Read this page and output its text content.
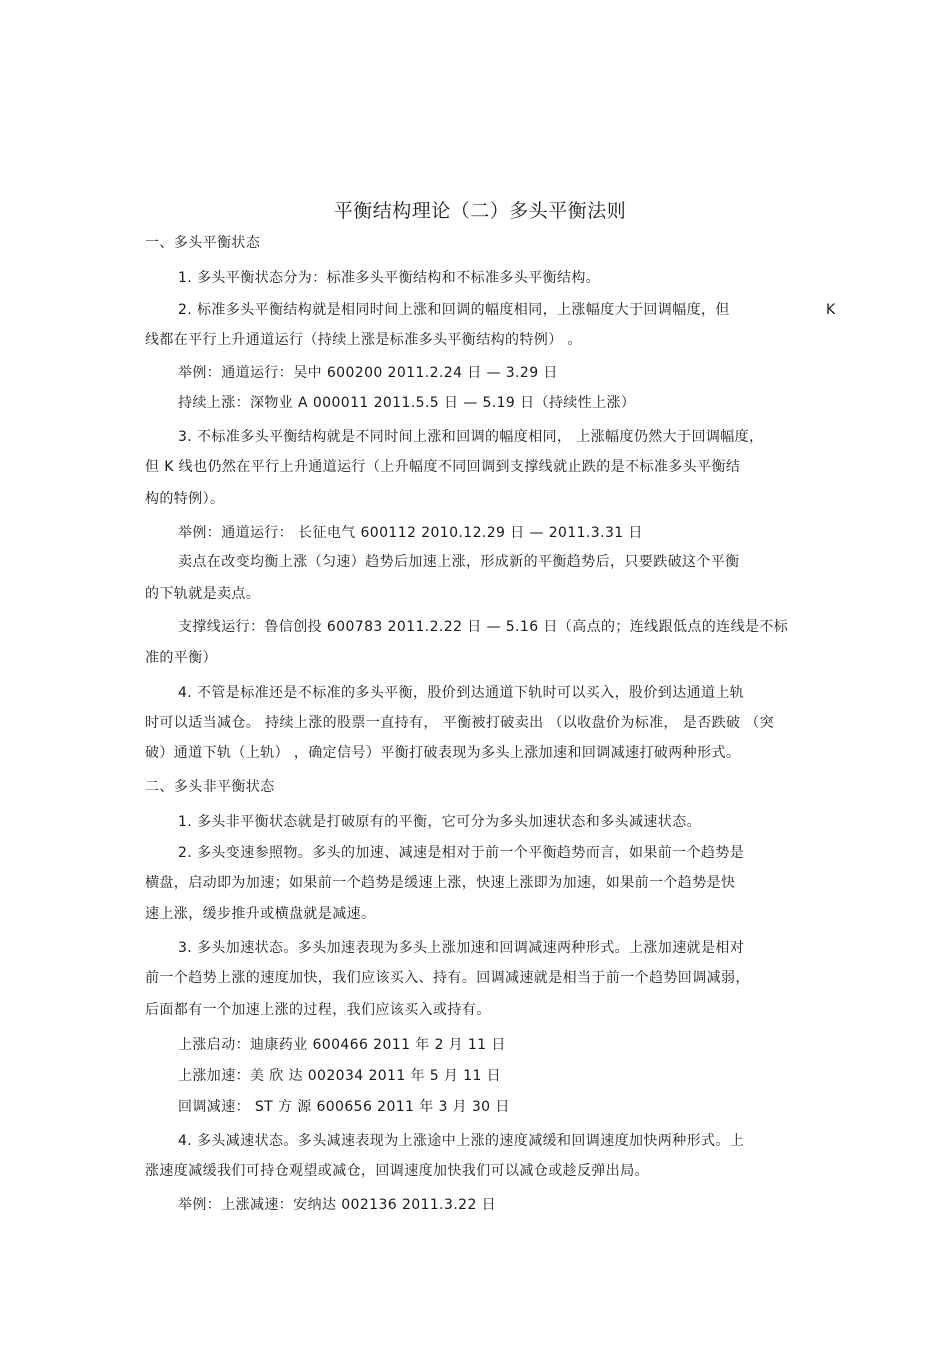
平衡结构理论（二）多头平衡法则
一、多头平衡状态
1. 多头平衡状态分为：标准多头平衡结构和不标准多头平衡结构。
2. 标准多头平衡结构就是相同时间上涨和回调的幅度相同，上涨幅度大于回调幅度，但	K
线都在平行上升通道运行（持续上涨是标准多头平衡结构的特例） 。
举例：通道运行：吴中 600200 2011.2.24 日 — 3.29 日
持续上涨：深物业 A 000011 2011.5.5 日 — 5.19 日（持续性上涨）
3. 不标准多头平衡结构就是不同时间上涨和回调的幅度相同， 上涨幅度仍然大于回调幅度，
但 K 线也仍然在平行上升通道运行（上升幅度不同回调到支撑线就止跌的是不标准多头平衡结
构的特例）。
举例：通道运行： 长征电气 600112 2010.12.29 日 — 2011.3.31 日
卖点在改变均衡上涨（匀速）趋势后加速上涨，形成新的平衡趋势后，只要跌破这个平衡
的下轨就是卖点。
支撑线运行：鲁信创投 600783 2011.2.22 日 — 5.16 日（高点的；连线跟低点的连线是不标
准的平衡）
4. 不管是标准还是不标准的多头平衡，股价到达通道下轨时可以买入，股价到达通道上轨
时可以适当减仓。 持续上涨的股票一直持有， 平衡被打破卖出 （以收盘价为标准， 是否跌破 （突
破）通道下轨（上轨） ，确定信号）平衡打破表现为多头上涨加速和回调减速打破两种形式。
二、多头非平衡状态
1. 多头非平衡状态就是打破原有的平衡，它可分为多头加速状态和多头减速状态。
2. 多头变速参照物。多头的加速、减速是相对于前一个平衡趋势而言，如果前一个趋势是
横盘，启动即为加速；如果前一个趋势是缓速上涨，快速上涨即为加速，如果前一个趋势是快
速上涨，缓步推升或横盘就是减速。
3. 多头加速状态。多头加速表现为多头上涨加速和回调减速两种形式。上涨加速就是相对
前一个趋势上涨的速度加快，我们应该买入、持有。回调减速就是相当于前一个趋势回调减弱，
后面都有一个加速上涨的过程，我们应该买入或持有。
上涨启动：迪康药业 600466 2011 年 2 月 11 日
上涨加速：美 欣 达 002034 2011 年 5 月 11 日
回调减速： ST 方 源 600656 2011 年 3 月 30 日
4. 多头减速状态。多头减速表现为上涨途中上涨的速度减缓和回调速度加快两种形式。上
涨速度减缓我们可持仓观望或减仓，回调速度加快我们可以减仓或趁反弹出局。
举例：上涨减速：安纳达 002136 2011.3.22 日
